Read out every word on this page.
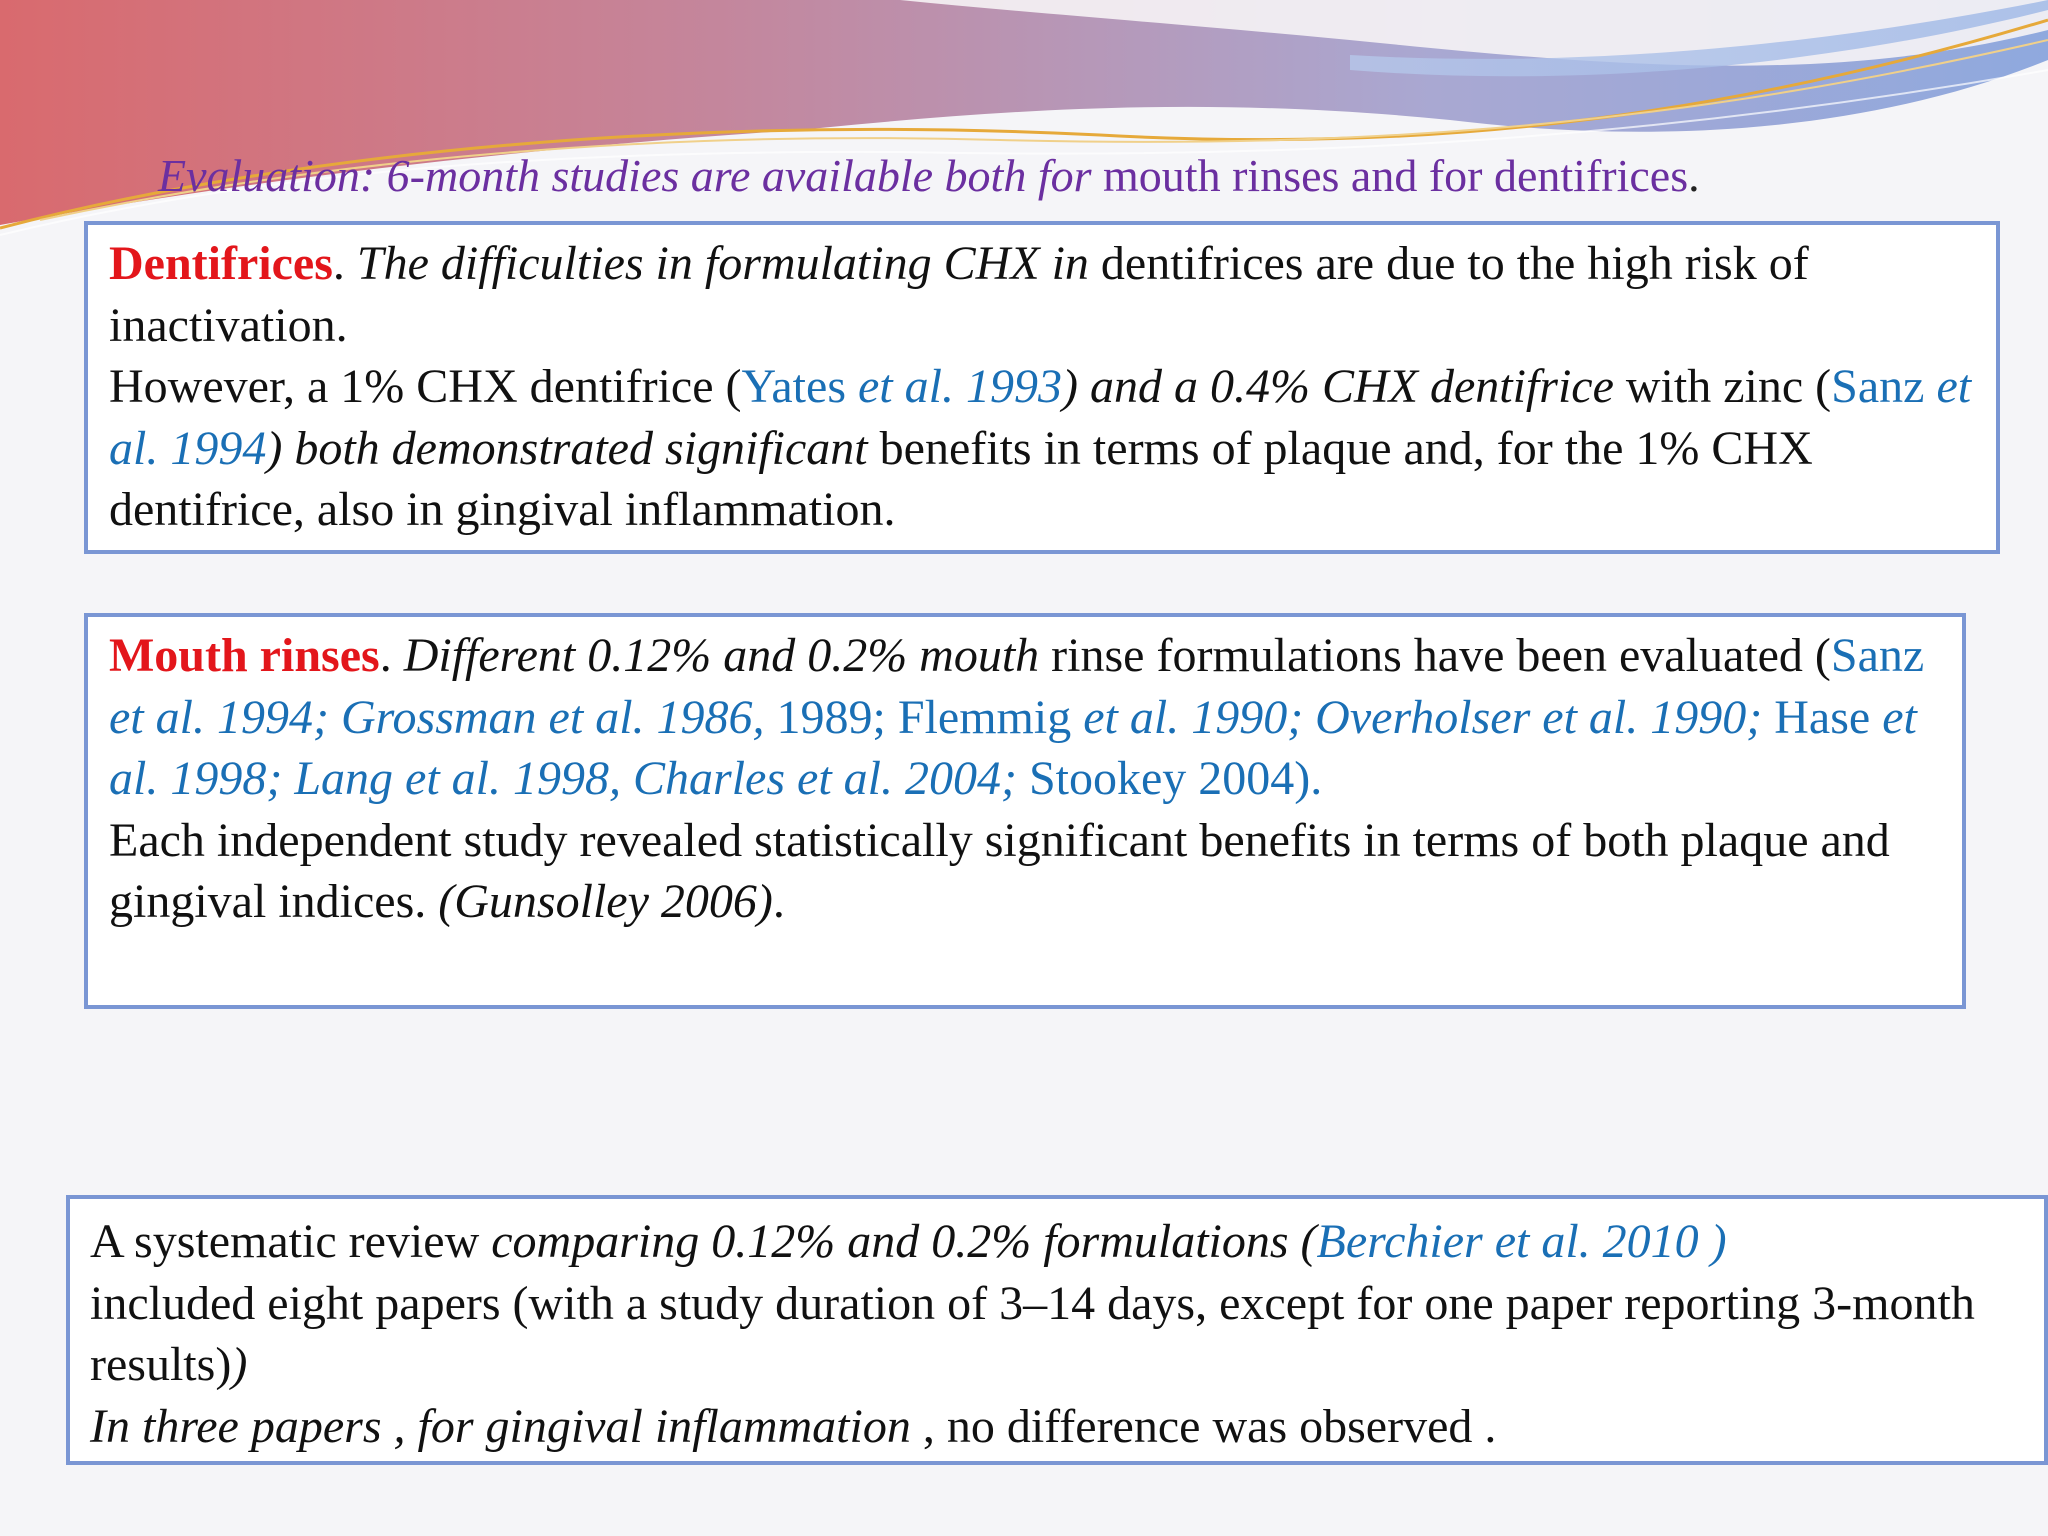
Evaluation: 6-month studies are available both for mouth rinses and for dentifrices.

Dentifrices. The difficulties in formulating CHX in dentifrices are due to the high risk of inactivation.

However, a 1% CHX dentifrice (Yates et al. 1993) and a 0.4% CHX dentifrice with zinc (Sanz et al. 1994) both demonstrated significant benefits in terms of plaque and, for the 1% CHX dentifrice, also in gingival inflammation.

Mouth rinses. Different 0.12% and 0.2% mouth rinse formulations have been evaluated (Sanz et al. 1994; Grossman et al. 1986, 1989; Flemmig et al. 1990; Overholser et al. 1990; Hase et al. 1998; Lang et al. 1998, Charles et al. 2004; Stookey 2004).

Each independent study revealed statistically significant benefits in terms of both plaque and gingival indices. (Gunsolley 2006).

A systematic review comparing 0.12% and 0.2% formulations (Berchier et al. 2010 )

included eight papers (with a study duration of 3–14 days, except for one paper reporting 3-month results))

In three papers , for gingival inflammation , no difference was observed .
